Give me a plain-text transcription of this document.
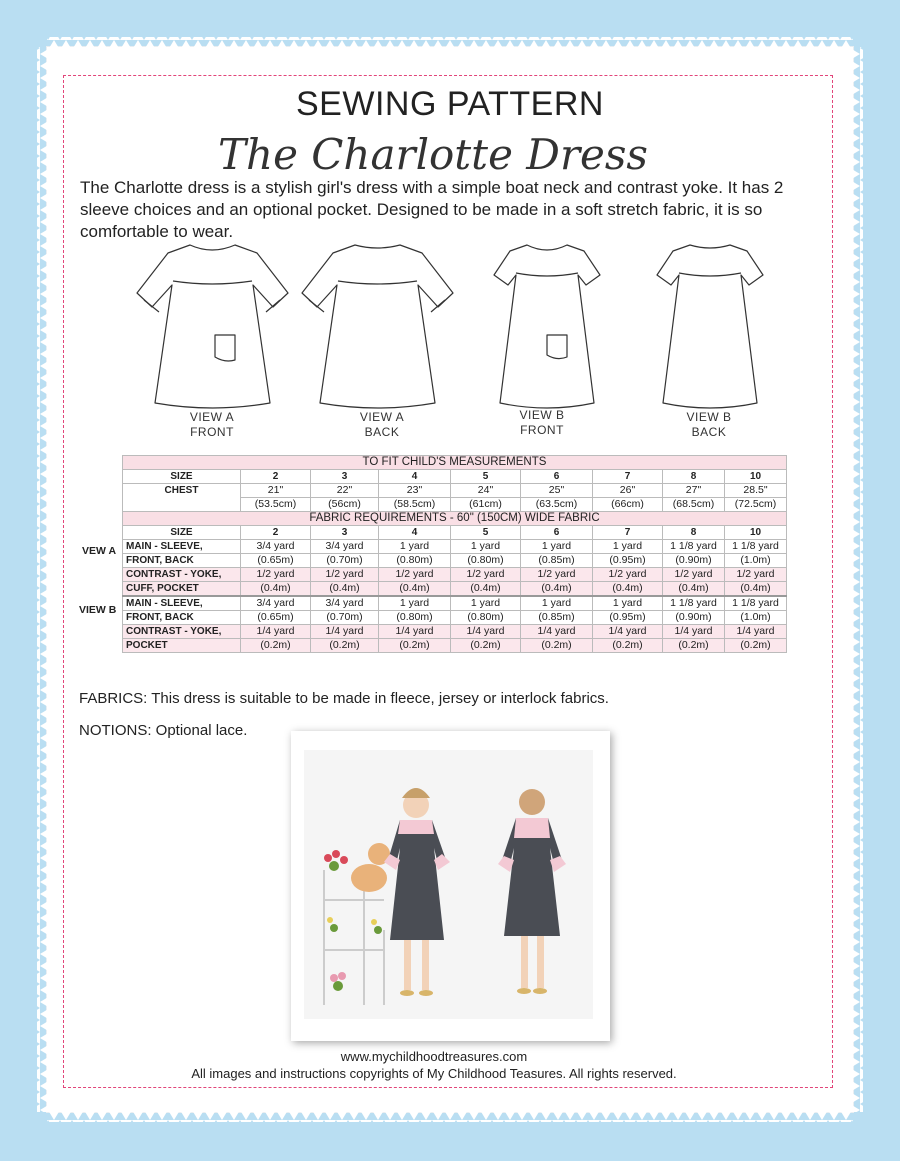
SEWING PATTERN
The Charlotte Dress
The Charlotte dress is a stylish girl's dress with a simple boat neck and contrast yoke. It has 2 sleeve choices and an optional pocket. Designed to be made in a soft stretch fabric, it is so comfortable to wear.
VIEW A
FRONT
VIEW A
BACK
VIEW B
FRONT
VIEW B
BACK
TO FIT CHILD'S MEASUREMENTS								
SIZE	2	3	4	5	6	7	8	10
CHEST	21"	22"	23"	24"	25"	26"	27"	28.5"
	(53.5cm)	(56cm)	(58.5cm)	(61cm)	(63.5cm)	(66cm)	(68.5cm)	(72.5cm)
FABRIC REQUIREMENTS - 60" (150CM) WIDE FABRIC								
SIZE	2	3	4	5	6	7	8	10
MAIN - SLEEVE,	3/4 yard	3/4 yard	1 yard	1 yard	1 yard	1 yard	1 1/8 yard	1 1/8 yard
FRONT, BACK	(0.65m)	(0.70m)	(0.80m)	(0.80m)	(0.85m)	(0.95m)	(0.90m)	(1.0m)
CONTRAST - YOKE,	1/2 yard	1/2 yard	1/2 yard	1/2 yard	1/2 yard	1/2 yard	1/2 yard	1/2 yard
CUFF, POCKET	(0.4m)	(0.4m)	(0.4m)	(0.4m)	(0.4m)	(0.4m)	(0.4m)	(0.4m)
MAIN - SLEEVE,	3/4 yard	3/4 yard	1 yard	1 yard	1 yard	1 yard	1 1/8 yard	1 1/8 yard
FRONT, BACK	(0.65m)	(0.70m)	(0.80m)	(0.80m)	(0.85m)	(0.95m)	(0.90m)	(1.0m)
CONTRAST - YOKE,	1/4 yard	1/4 yard	1/4 yard	1/4 yard	1/4 yard	1/4 yard	1/4 yard	1/4 yard
POCKET	(0.2m)	(0.2m)	(0.2m)	(0.2m)	(0.2m)	(0.2m)	(0.2m)	(0.2m)
VEW A
VIEW B
FABRICS: This dress is suitable to be made in fleece, jersey or interlock fabrics.
NOTIONS: Optional lace.
www.mychildhoodtreasures.com
All images and instructions copyrights of My Childhood Teasures. All rights reserved.
